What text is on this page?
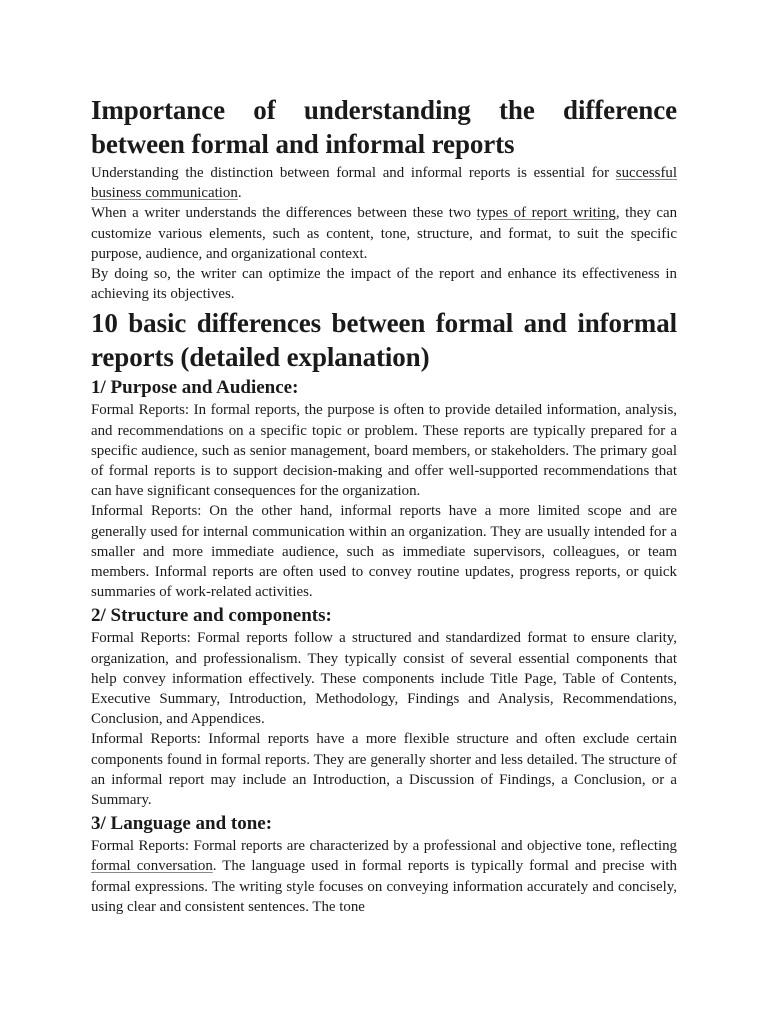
Importance of understanding the difference between formal and informal reports

Understanding the distinction between formal and informal reports is essential for successful business communication.

When a writer understands the differences between these two types of report writing, they can customize various elements, such as content, tone, structure, and format, to suit the specific purpose, audience, and organizational context.

By doing so, the writer can optimize the impact of the report and enhance its effectiveness in achieving its objectives.

10 basic differences between formal and informal reports (detailed explanation)
1/ Purpose and Audience:

Formal Reports: In formal reports, the purpose is often to provide detailed information, analysis, and recommendations on a specific topic or problem. These reports are typically prepared for a specific audience, such as senior management, board members, or stakeholders. The primary goal of formal reports is to support decision-making and offer well-supported recommendations that can have significant consequences for the organization.

Informal Reports: On the other hand, informal reports have a more limited scope and are generally used for internal communication within an organization. They are usually intended for a smaller and more immediate audience, such as immediate supervisors, colleagues, or team members. Informal reports are often used to convey routine updates, progress reports, or quick summaries of work-related activities.

2/ Structure and components:

Formal Reports: Formal reports follow a structured and standardized format to ensure clarity, organization, and professionalism. They typically consist of several essential components that help convey information effectively. These components include Title Page, Table of Contents, Executive Summary, Introduction, Methodology, Findings and Analysis, Recommendations, Conclusion, and Appendices.

Informal Reports: Informal reports have a more flexible structure and often exclude certain components found in formal reports. They are generally shorter and less detailed. The structure of an informal report may include an Introduction, a Discussion of Findings, a Conclusion, or a Summary.

3/ Language and tone:

Formal Reports: Formal reports are characterized by a professional and objective tone, reflecting formal conversation. The language used in formal reports is typically formal and precise with formal expressions. The writing style focuses on conveying information accurately and concisely, using clear and consistent sentences. The tone
